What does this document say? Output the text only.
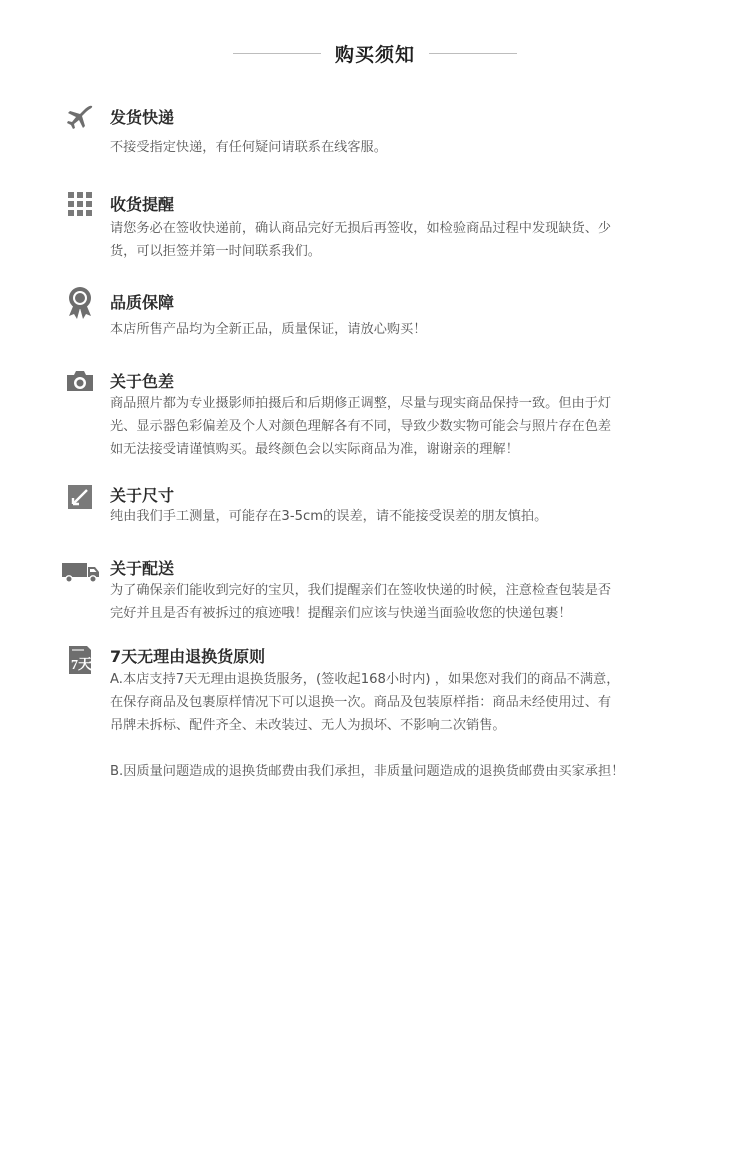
购买须知
发货快递

不接受指定快递，有任何疑问请联系在线客服。

收货提醒

请您务必在签收快递前，确认商品完好无损后再签收，如检验商品过程中发现缺货、少

货，可以拒签并第一时间联系我们。

品质保障

本店所售产品均为全新正品，质量保证，请放心购买！

关于色差

商品照片都为专业摄影师拍摄后和后期修正调整，尽量与现实商品保持一致。但由于灯

光、显示器色彩偏差及个人对颜色理解各有不同，导致少数实物可能会与照片存在色差

如无法接受请谨慎购买。最终颜色会以实际商品为准，谢谢亲的理解！

关于尺寸

纯由我们手工测量，可能存在3-5cm的误差，请不能接受误差的朋友慎拍。

关于配送

为了确保亲们能收到完好的宝贝，我们提醒亲们在签收快递的时候，注意检查包装是否

完好并且是否有被拆过的痕迹哦！提醒亲们应该与快递当面验收您的快递包裹！

7天 7天无理由退换货原则

A.本店支持7天无理由退换货服务，(签收起168小时内) ，如果您对我们的商品不满意，

在保存商品及包裹原样情况下可以退换一次。商品及包装原样指：商品未经使用过、有

吊牌未拆标、配件齐全、未改装过、无人为损坏、不影响二次销售。

B.因质量问题造成的退换货邮费由我们承担，非质量问题造成的退换货邮费由买家承担！
